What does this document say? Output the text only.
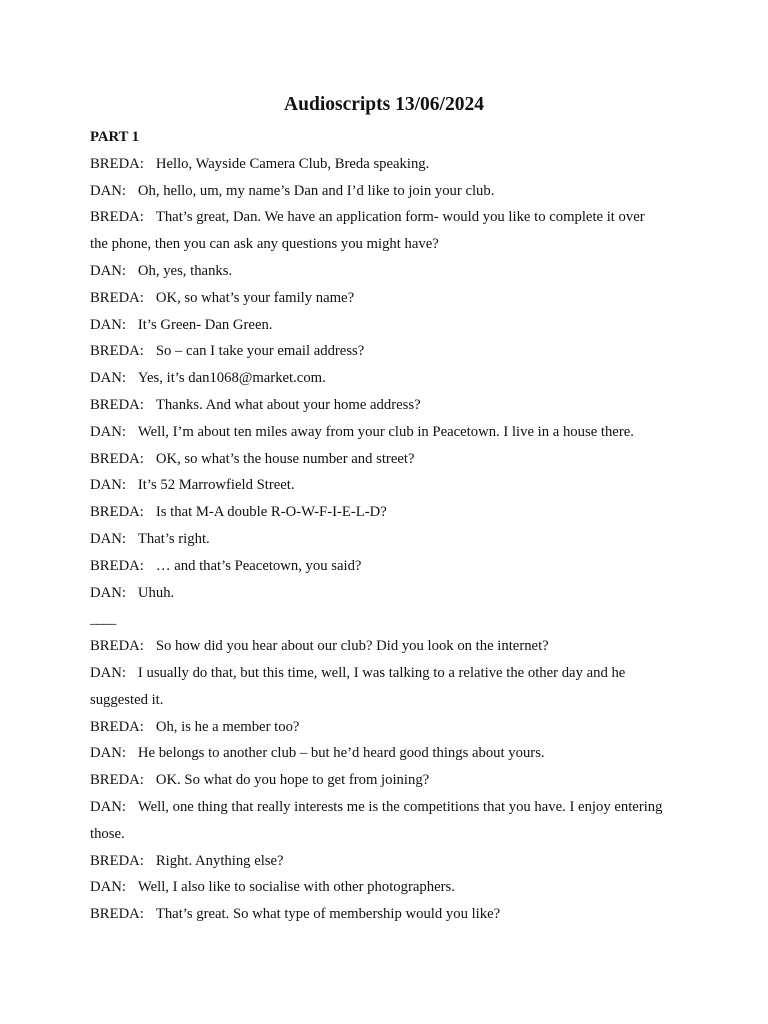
Audioscripts 13/06/2024
PART 1
BREDA: Hello, Wayside Camera Club, Breda speaking.
DAN: Oh, hello, um, my name’s Dan and I’d like to join your club.
BREDA: That’s great, Dan. We have an application form- would you like to complete it over
the phone, then you can ask any questions you might have?
DAN: Oh, yes, thanks.
BREDA: OK, so what’s your family name?
DAN: It’s Green- Dan Green.
BREDA: So – can I take your email address?
DAN: Yes, it’s dan1068@market.com.
BREDA: Thanks. And what about your home address?
DAN: Well, I’m about ten miles away from your club in Peacetown. I live in a house there.
BREDA: OK, so what’s the house number and street?
DAN: It’s 52 Marrowfield Street.
BREDA: Is that M-A double R-O-W-F-I-E-L-D?
DAN: That’s right.
BREDA: … and that’s Peacetown, you said?
DAN: Uhuh.
____
BREDA: So how did you hear about our club? Did you look on the internet?
DAN: I usually do that, but this time, well, I was talking to a relative the other day and he
suggested it.
BREDA: Oh, is he a member too?
DAN: He belongs to another club – but he’d heard good things about yours.
BREDA: OK. So what do you hope to get from joining?
DAN: Well, one thing that really interests me is the competitions that you have. I enjoy entering
those.
BREDA: Right. Anything else?
DAN: Well, I also like to socialise with other photographers.
BREDA: That’s great. So what type of membership would you like?
